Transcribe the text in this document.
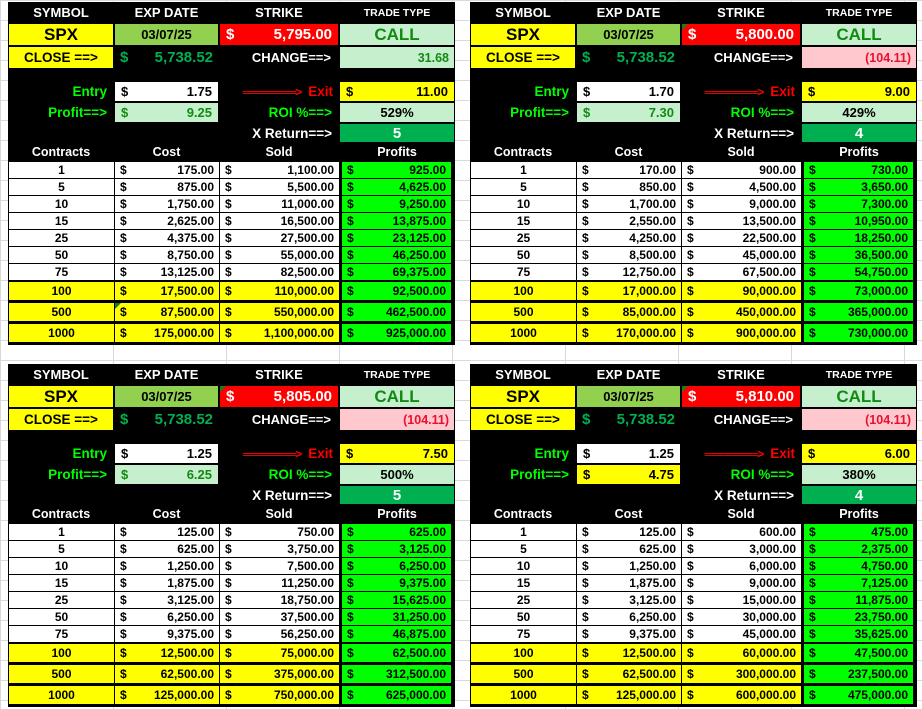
SYMBOL	EXP DATE	STRIKE	TRADE TYPE
SPX	03/07/25	$	5,795.00	CALL
CLOSE ==>	$ 5,738.52	CHANGE==>	31.68
Entry	$	1.75	═══════> Exit $	11.00
Profit==>	$	9.25	ROI %==>	529%
X Return==>	5
Contracts	Cost	Sold	Profits
1	$	175.00 $	1,100.00 $	925.00
5	$	875.00 $	5,500.00 $	4,625.00
10	$	1,750.00 $	11,000.00 $	9,250.00
15	$	2,625.00 $	16,500.00 $	13,875.00
25	$	4,375.00 $	27,500.00 $	23,125.00
50	$	8,750.00 $	55,000.00 $	46,250.00
75	$	13,125.00 $	82,500.00 $	69,375.00
100	$	17,500.00 $	110,000.00 $	92,500.00
500	$	87,500.00 $	550,000.00 $	462,500.00
1000	$ 175,000.00 $	1,100,000.00 $	925,000.00
SYMBOL	EXP DATE	STRIKE	TRADE TYPE
SPX	03/07/25	$	5,800.00	CALL
CLOSE ==>	$ 5,738.52	CHANGE==>	(104.11)
Entry	$	1.70	═══════> Exit $	9.00
Profit==>	$	7.30	ROI %==>	429%
X Return==>	4
Contracts	Cost	Sold	Profits
1	$	170.00 $	900.00 $	730.00
5	$	850.00 $	4,500.00 $	3,650.00
10	$	1,700.00 $	9,000.00 $	7,300.00
15	$	2,550.00 $	13,500.00 $	10,950.00
25	$	4,250.00 $	22,500.00 $	18,250.00
50	$	8,500.00 $	45,000.00 $	36,500.00
75	$	12,750.00 $	67,500.00 $	54,750.00
100	$	17,000.00 $	90,000.00 $	73,000.00
500	$	85,000.00 $	450,000.00 $	365,000.00
1000	$ 170,000.00 $	900,000.00 $	730,000.00
SYMBOL	EXP DATE	STRIKE	TRADE TYPE
SPX	03/07/25	$	5,805.00	CALL
CLOSE ==>	$ 5,738.52	CHANGE==>	(104.11)
Entry	$	1.25	═══════> Exit $	7.50
Profit==>	$	6.25	ROI %==>	500%
X Return==>	5
Contracts	Cost	Sold	Profits
1	$	125.00 $	750.00 $	625.00
5	$	625.00 $	3,750.00 $	3,125.00
10	$	1,250.00 $	7,500.00 $	6,250.00
15	$	1,875.00 $	11,250.00 $	9,375.00
25	$	3,125.00 $	18,750.00 $	15,625.00
50	$	6,250.00 $	37,500.00 $	31,250.00
75	$	9,375.00 $	56,250.00 $	46,875.00
100	$	12,500.00 $	75,000.00 $	62,500.00
500	$	62,500.00 $	375,000.00 $	312,500.00
1000	$ 125,000.00 $	750,000.00 $	625,000.00
SYMBOL	EXP DATE	STRIKE	TRADE TYPE
SPX	03/07/25	$	5,810.00	CALL
CLOSE ==>	$ 5,738.52	CHANGE==>	(104.11)
Entry	$	1.25	═══════> Exit $	6.00
Profit==>	$	4.75	ROI %==>	380%
X Return==>	4
Contracts	Cost	Sold	Profits
1	$	125.00 $	600.00 $	475.00
5	$	625.00 $	3,000.00 $	2,375.00
10	$	1,250.00 $	6,000.00 $	4,750.00
15	$	1,875.00 $	9,000.00 $	7,125.00
25	$	3,125.00 $	15,000.00 $	11,875.00
50	$	6,250.00 $	30,000.00 $	23,750.00
75	$	9,375.00 $	45,000.00 $	35,625.00
100	$	12,500.00 $	60,000.00 $	47,500.00
500	$	62,500.00 $	300,000.00 $	237,500.00
1000	$ 125,000.00 $	600,000.00 $	475,000.00
